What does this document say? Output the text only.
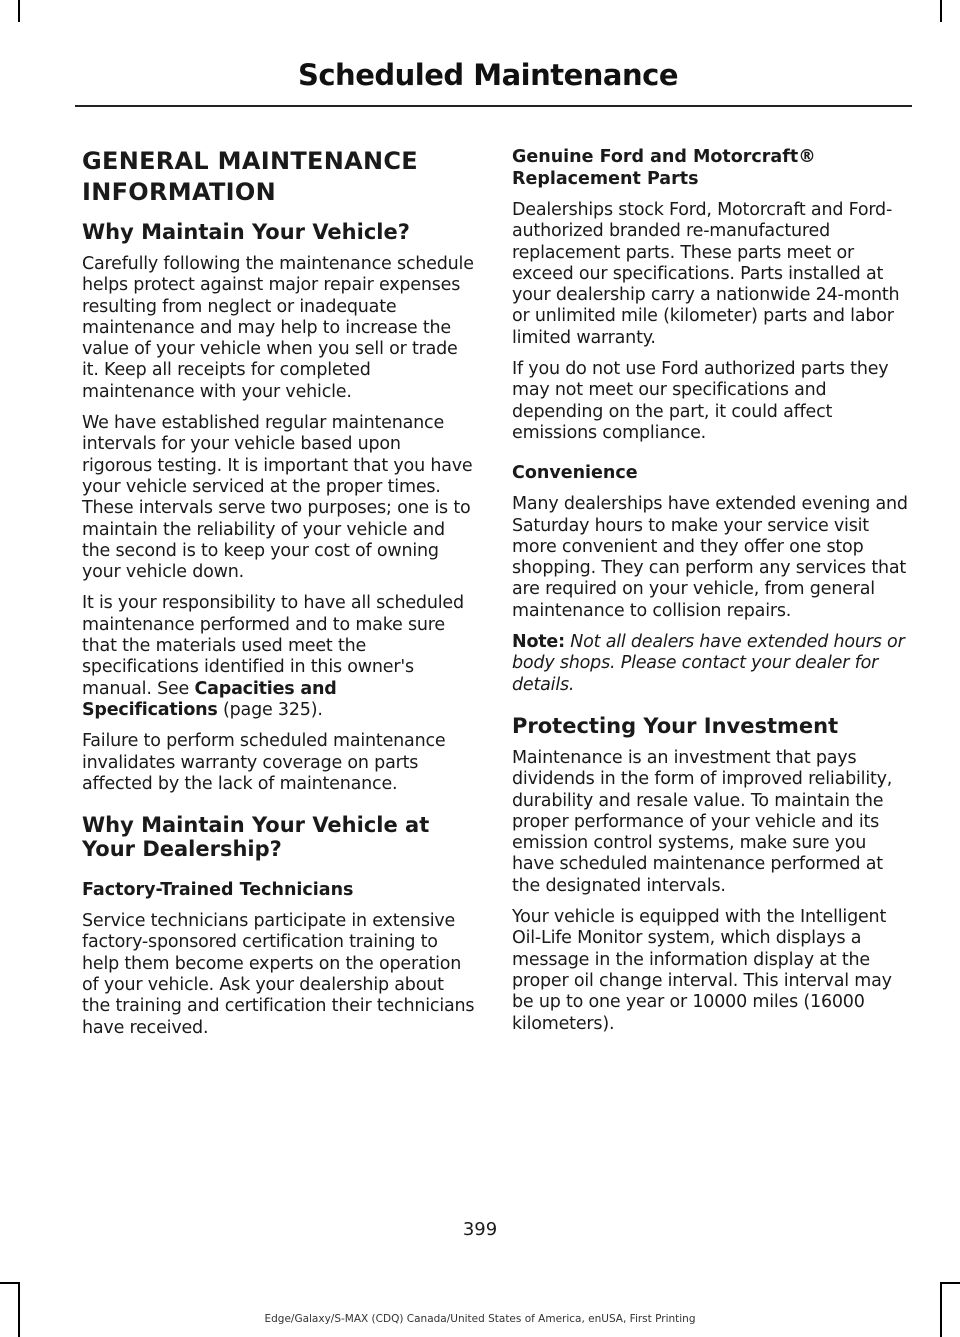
Scheduled Maintenance
GENERAL MAINTENANCE
INFORMATION
Why Maintain Your Vehicle?

Carefully following the maintenance schedule helps protect against major repair expenses resulting from neglect or inadequate maintenance and may help to increase the value of your vehicle when you sell or trade it. Keep all receipts for completed maintenance with your vehicle.

We have established regular maintenance intervals for your vehicle based upon rigorous testing. It is important that you have your vehicle serviced at the proper times. These intervals serve two purposes; one is to maintain the reliability of your vehicle and the second is to keep your cost of owning your vehicle down.

It is your responsibility to have all scheduled maintenance performed and to make sure that the materials used meet the specifications identified in this owner's manual. See Capacities and Specifications (page 325).

Failure to perform scheduled maintenance invalidates warranty coverage on parts affected by the lack of maintenance.

Why Maintain Your Vehicle at Your Dealership?
Factory-Trained Technicians

Service technicians participate in extensive factory-sponsored certification training to help them become experts on the operation of your vehicle. Ask your dealership about the training and certification their technicians have received.

Genuine Ford and Motorcraft® Replacement Parts

Dealerships stock Ford, Motorcraft and Ford-authorized branded re-manufactured replacement parts. These parts meet or exceed our specifications. Parts installed at your dealership carry a nationwide 24-month or unlimited mile (kilometer) parts and labor limited warranty.

If you do not use Ford authorized parts they may not meet our specifications and depending on the part, it could affect emissions compliance.

Convenience

Many dealerships have extended evening and Saturday hours to make your service visit more convenient and they offer one stop shopping. They can perform any services that are required on your vehicle, from general maintenance to collision repairs.

Note: Not all dealers have extended hours or body shops. Please contact your dealer for details.

Protecting Your Investment

Maintenance is an investment that pays dividends in the form of improved reliability, durability and resale value. To maintain the proper performance of your vehicle and its emission control systems, make sure you have scheduled maintenance performed at the designated intervals.

Your vehicle is equipped with the Intelligent Oil-Life Monitor system, which displays a message in the information display at the proper oil change interval. This interval may be up to one year or 10000 miles (16000 kilometers).

399
Edge/Galaxy/S-MAX (CDQ) Canada/United States of America, enUSA, First Printing
